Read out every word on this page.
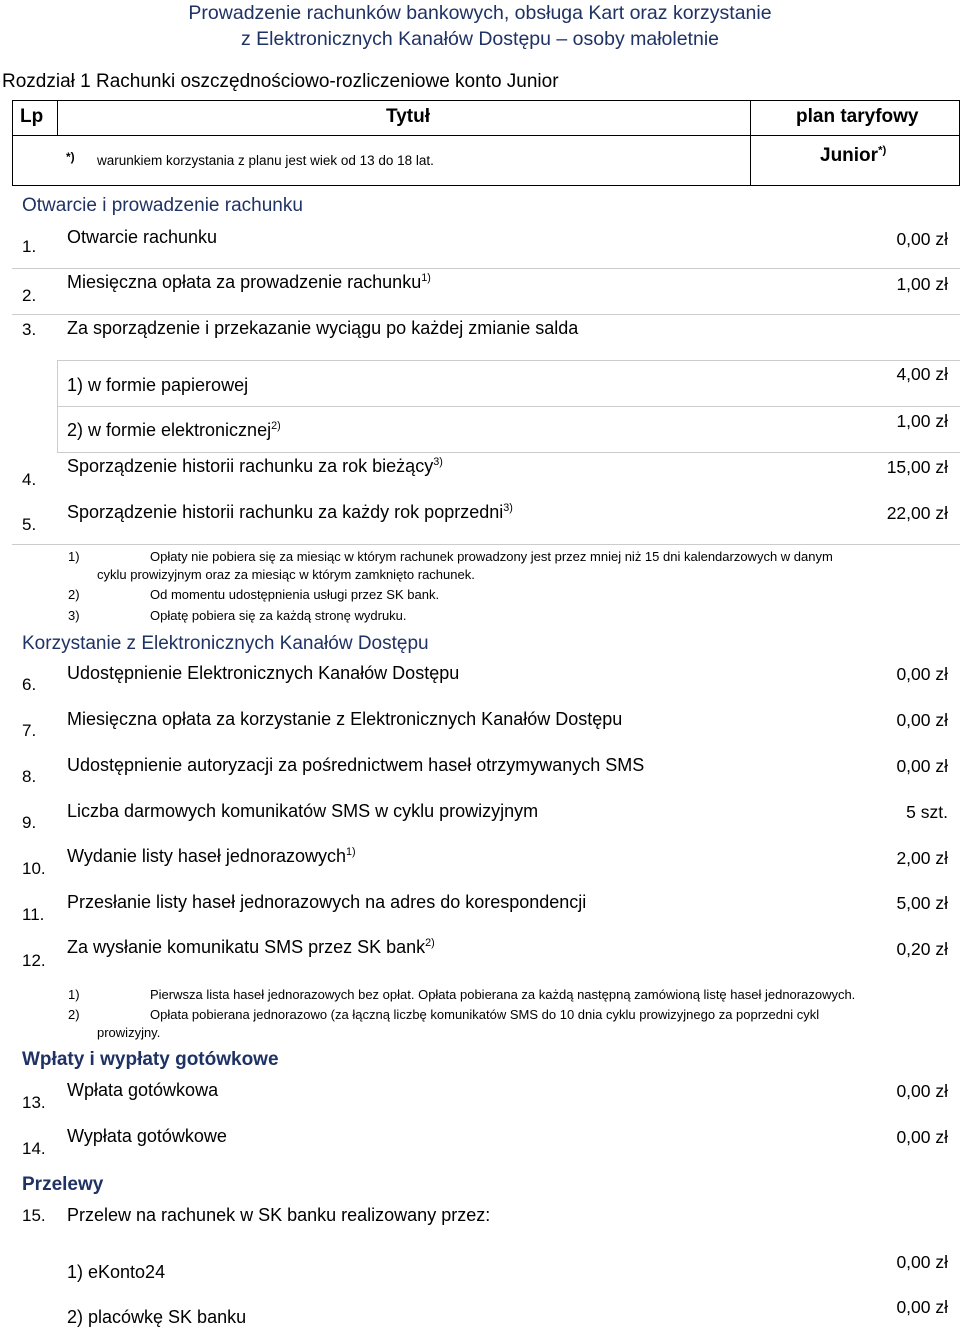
Prowadzenie rachunków bankowych, obsługa Kart oraz korzystanie
z Elektronicznych Kanałów Dostępu – osoby małoletnie
Rozdział 1 Rachunki oszczędnościowo-rozliczeniowe konto Junior
Lp	Tytuł	plan taryfowy
*) warunkiem korzystania z planu jest wiek od 13 do 18 lat.	Junior*)
Otwarcie i prowadzenie rachunku
1. Otwarcie rachunku	0,00 zł
2.
Miesięczna opłata za prowadzenie rachunku$^{1)}$	1,00 zł
3. Za sporządzenie i przekazanie wyciągu po każdej zmianie salda
1) w formie papierowej
4,00 zł
2) w formie elektronicznej$^{2)}$	1,00 zł
4.
Sporządzenie historii rachunku za rok bieżący$^{3)}$	15,00 zł
5.
Sporządzenie historii rachunku za każdy rok poprzedni$^{3)}$	22,00 zł
1)	Opłaty nie pobiera się za miesiąc w którym rachunek prowadzony jest przez mniej niż 15 dni kalendarzowych w danym
cyklu prowizyjnym oraz za miesiąc w którym zamknięto rachunek.
2)	Od momentu udostępnienia usługi przez SK bank.
3)	Opłatę pobiera się za każdą stronę wydruku.
Korzystanie z Elektronicznych Kanałów Dostępu
6.
Udostępnienie Elektronicznych Kanałów Dostępu	0,00 zł
7.
Miesięczna opłata za korzystanie z Elektronicznych Kanałów Dostępu	0,00 zł
8.
Udostępnienie autoryzacji za pośrednictwem haseł otrzymywanych SMS	0,00 zł
9.
Liczba darmowych komunikatów SMS w cyklu prowizyjnym	5 szt.
10.
Wydanie listy haseł jednorazowych$^{1)}$	2,00 zł
11.
Przesłanie listy haseł jednorazowych na adres do korespondencji	5,00 zł
12.
Za wysłanie komunikatu SMS przez SK bank$^{2)}$	0,20 zł
1)	Pierwsza lista haseł jednorazowych bez opłat. Opłata pobierana za każdą następną zamówioną listę haseł jednorazowych.
2)	Opłata pobierana jednorazowo (za łączną liczbę komunikatów SMS do 10 dnia cyklu prowizyjnego za poprzedni cykl
prowizyjny.
Wpłaty i wypłaty gotówkowe
13.
Wpłata gotówkowa	0,00 zł
14.
Wypłata gotówkowe	0,00 zł
Przelewy
15. Przelew na rachunek w SK banku realizowany przez:
1) eKonto24	0,00 zł
2) placówkę SK banku	0,00 zł
